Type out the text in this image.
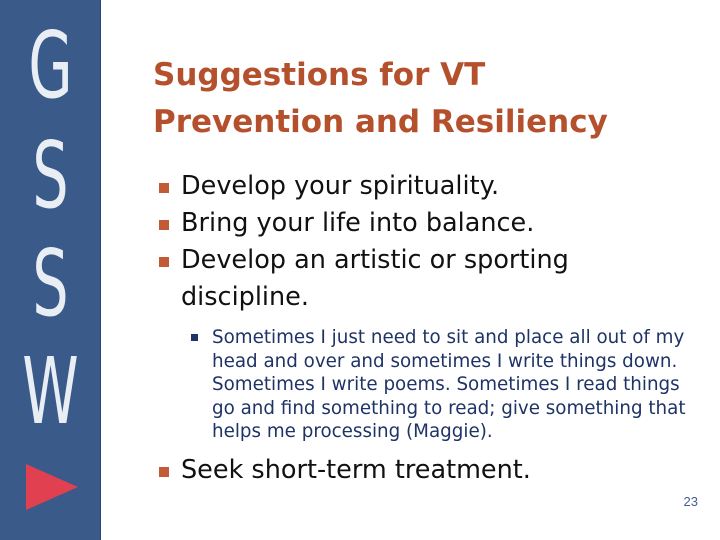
G
S
S
W
Suggestions for VT
Prevention and Resiliency
Develop your spirituality.
Bring your life into balance.
Develop an artistic or sporting discipline.
Sometimes I just need to sit and place all out of my head and over and sometimes I write things down. Sometimes I write poems. Sometimes I read things go and find something to read; give something that helps me processing (Maggie).
Seek short-term treatment.
23
